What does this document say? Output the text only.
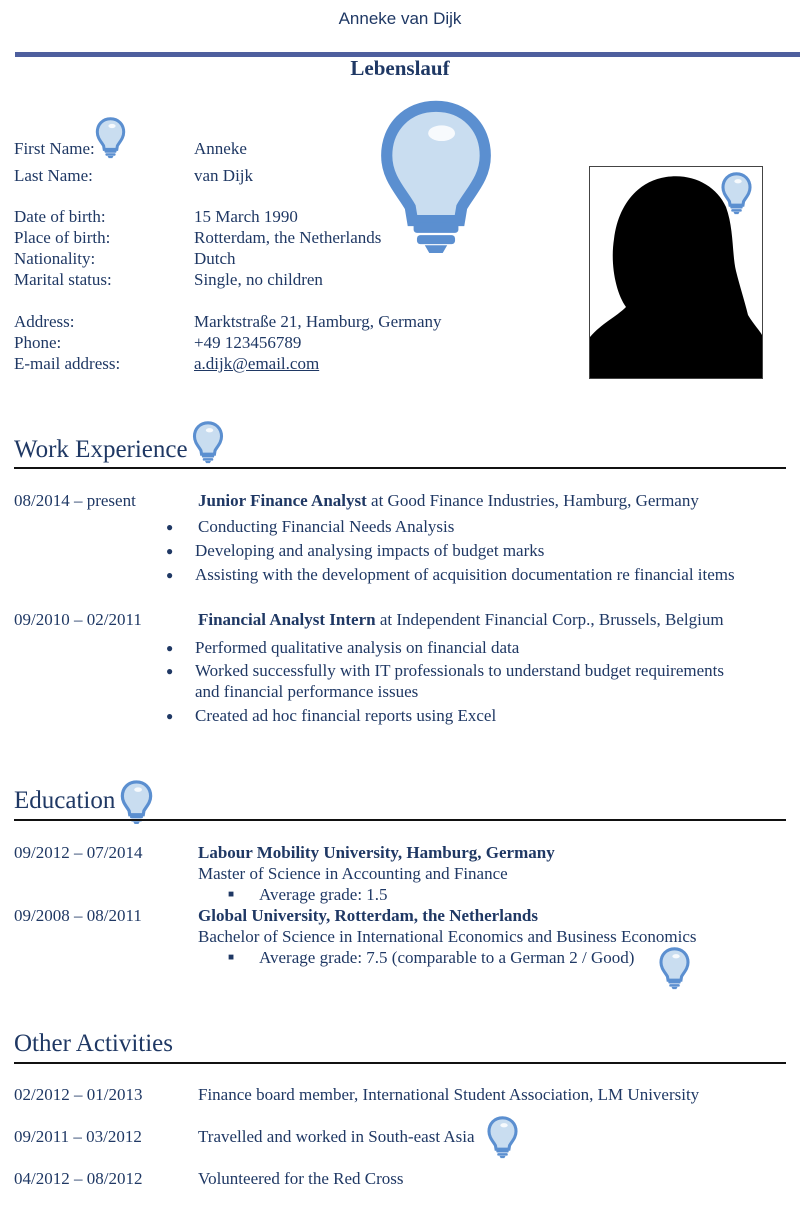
Anneke van Dijk
Lebenslauf
First Name:	Anneke
Last Name:	van Dijk
Date of birth:	15 March 1990
Place of birth:	Rotterdam, the Netherlands
Nationality:	Dutch
Marital status:	Single, no children
Address:	Marktstraße 21, Hamburg, Germany
Phone:	+49 123456789
E-mail address:	a.dijk@email.com
Work Experience
08/2014 – present	Junior Finance Analyst at Good Finance Industries, Hamburg, Germany
● Conducting Financial Needs Analysis
● Developing and analysing impacts of budget marks
● Assisting with the development of acquisition documentation re financial items
09/2010 – 02/2011	Financial Analyst Intern at Independent Financial Corp., Brussels, Belgium
● Performed qualitative analysis on financial data
● Worked successfully with IT professionals to understand budget requirements
and financial performance issues
● Created ad hoc financial reports using Excel
Education
09/2012 – 07/2014	Labour Mobility University, Hamburg, Germany
Master of Science in Accounting and Finance
■ Average grade: 1.5
09/2008 – 08/2011	Global University, Rotterdam, the Netherlands
Bachelor of Science in International Economics and Business Economics
■ Average grade: 7.5 (comparable to a German 2 / Good)
Other Activities
02/2012 – 01/2013	Finance board member, International Student Association, LM University
09/2011 – 03/2012	Travelled and worked in South-east Asia
04/2012 – 08/2012	Volunteered for the Red Cross
